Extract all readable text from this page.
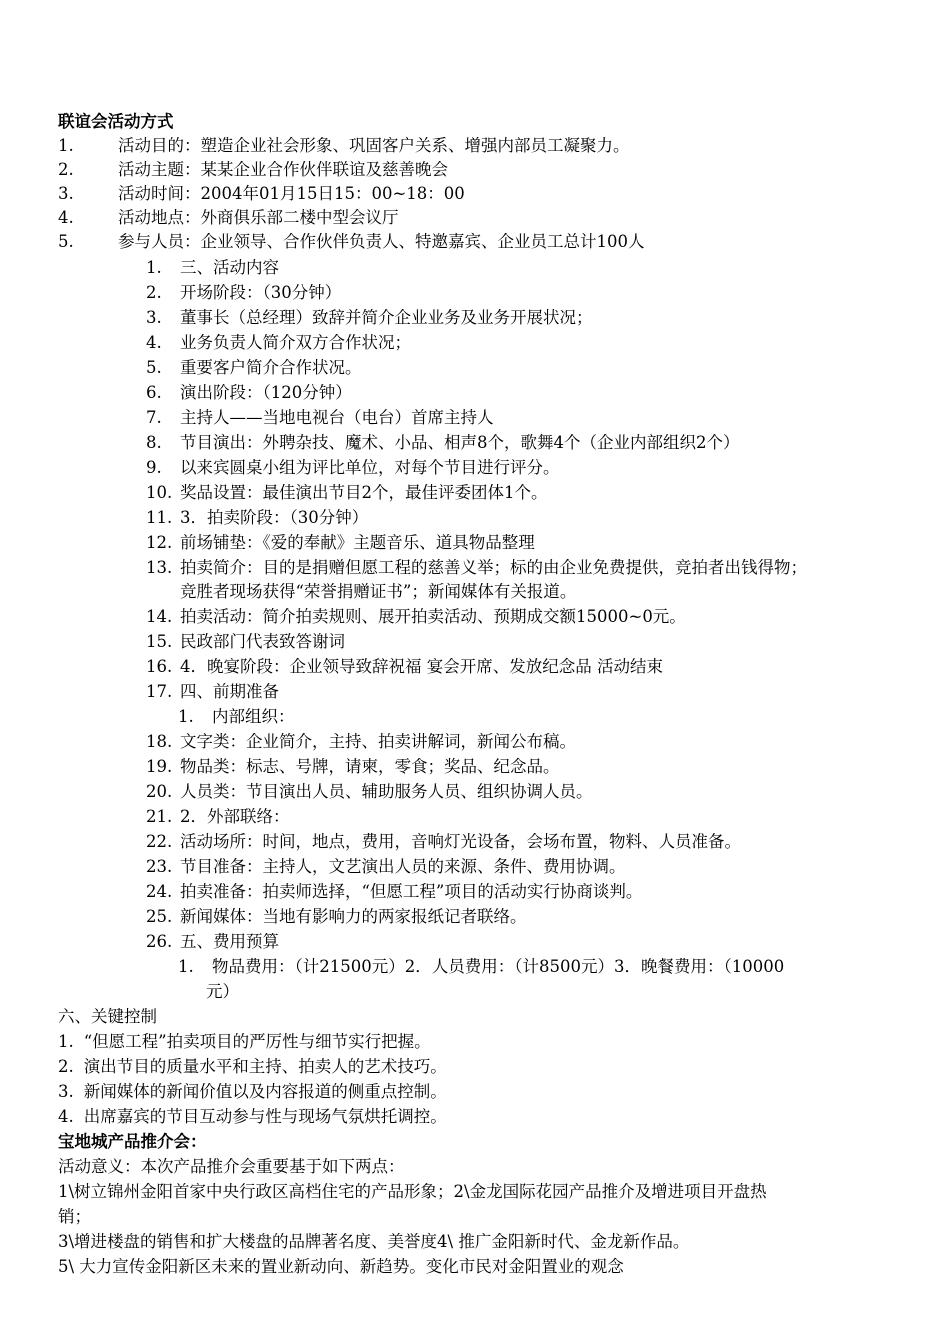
联谊会活动方式
1.	活动目的：塑造企业社会形象、巩固客户关系、增强内部员工凝聚力。
2.	活动主题：某某企业合作伙伴联谊及慈善晚会
3.	活动时间：2004年01月15日15：00~18：00
4.	活动地点：外商俱乐部二楼中型会议厅
5.	参与人员：企业领导、合作伙伴负责人、特邀嘉宾、企业员工总计100人
1. 三、活动内容
2. 开场阶段：（30分钟）
3. 董事长（总经理）致辞并简介企业业务及业务开展状况；
4. 业务负责人简介双方合作状况；
5. 重要客户简介合作状况。
6. 演出阶段：（120分钟）
7. 主持人——当地电视台（电台）首席主持人
8. 节目演出：外聘杂技、魔术、小品、相声8个，歌舞4个（企业内部组织2个）
9. 以来宾圆桌小组为评比单位，对每个节目进行评分。
10. 奖品设置：最佳演出节目2个，最佳评委团体1个。
11. 3．拍卖阶段：（30分钟）
12. 前场铺垫：《爱的奉献》主题音乐、道具物品整理
13. 拍卖简介：目的是捐赠但愿工程的慈善义举；标的由企业免费提供，竞拍者出钱得物；
竞胜者现场获得“荣誉捐赠证书”；新闻媒体有关报道。
14. 拍卖活动：简介拍卖规则、展开拍卖活动、预期成交额15000~0元。
15. 民政部门代表致答谢词
16. 4．晚宴阶段：企业领导致辞祝福 宴会开席、发放纪念品 活动结束
17. 四、前期准备
1. 内部组织：
18. 文字类：企业简介，主持、拍卖讲解词，新闻公布稿。
19. 物品类：标志、号牌，请柬，零食；奖品、纪念品。
20. 人员类：节目演出人员、辅助服务人员、组织协调人员。
21. 2．外部联络：
22. 活动场所：时间，地点，费用，音响灯光设备，会场布置，物料、人员准备。
23. 节目准备：主持人，文艺演出人员的来源、条件、费用协调。
24. 拍卖准备：拍卖师选择，“但愿工程”项目的活动实行协商谈判。
25. 新闻媒体：当地有影响力的两家报纸记者联络。
26. 五、费用预算
1. 物品费用：（计21500元）2．人员费用：（计8500元）3．晚餐费用：（10000
元）
六、关键控制
1. “但愿工程”拍卖项目的严厉性与细节实行把握。
2. 演出节目的质量水平和主持、拍卖人的艺术技巧。
3. 新闻媒体的新闻价值以及内容报道的侧重点控制。
4. 出席嘉宾的节目互动参与性与现场气氛烘托调控。
宝地城产品推介会：
活动意义：本次产品推介会重要基于如下两点：
1\树立锦州金阳首家中央行政区高档住宅的产品形象；2\金龙国际花园产品推介及增进项目开盘热
销；
3\增进楼盘的销售和扩大楼盘的品牌著名度、美誉度4\ 推广金阳新时代、金龙新作品。
5\ 大力宣传金阳新区未来的置业新动向、新趋势。变化市民对金阳置业的观念
